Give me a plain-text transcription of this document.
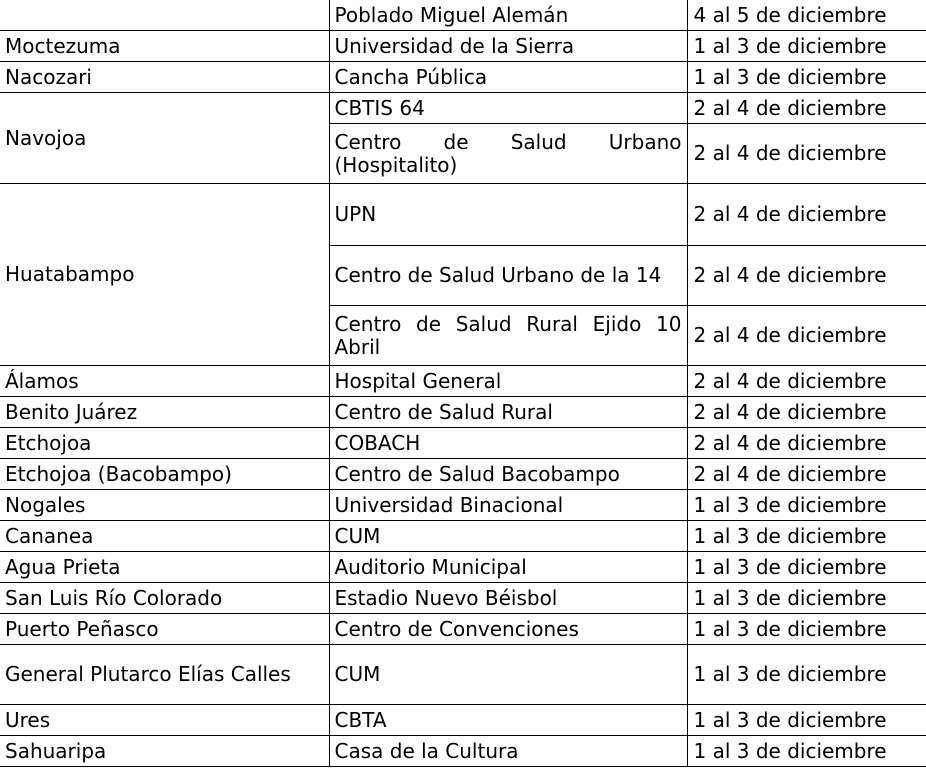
	Poblado Miguel Alemán	4 al 5 de diciembre
Moctezuma	Universidad de la Sierra	1 al 3 de diciembre
Nacozari	Cancha Pública	1 al 3 de diciembre
Navojoa	CBTIS 64	2 al 4 de diciembre
	Centro de Salud Urbano (Hospitalito)	2 al 4 de diciembre
Huatabampo	UPN	2 al 4 de diciembre
	Centro de Salud Urbano de la 14	2 al 4 de diciembre
	Centro de Salud Rural Ejido 10 Abril	2 al 4 de diciembre
Álamos	Hospital General	2 al 4 de diciembre
Benito Juárez	Centro de Salud Rural	2 al 4 de diciembre
Etchojoa	COBACH	2 al 4 de diciembre
Etchojoa (Bacobampo)	Centro de Salud Bacobampo	2 al 4 de diciembre
Nogales	Universidad Binacional	1 al 3 de diciembre
Cananea	CUM	1 al 3 de diciembre
Agua Prieta	Auditorio Municipal	1 al 3 de diciembre
San Luis Río Colorado	Estadio Nuevo Béisbol	1 al 3 de diciembre
Puerto Peñasco	Centro de Convenciones	1 al 3 de diciembre
General Plutarco Elías Calles	CUM	1 al 3 de diciembre
Ures	CBTA	1 al 3 de diciembre
Sahuaripa	Casa de la Cultura	1 al 3 de diciembre
